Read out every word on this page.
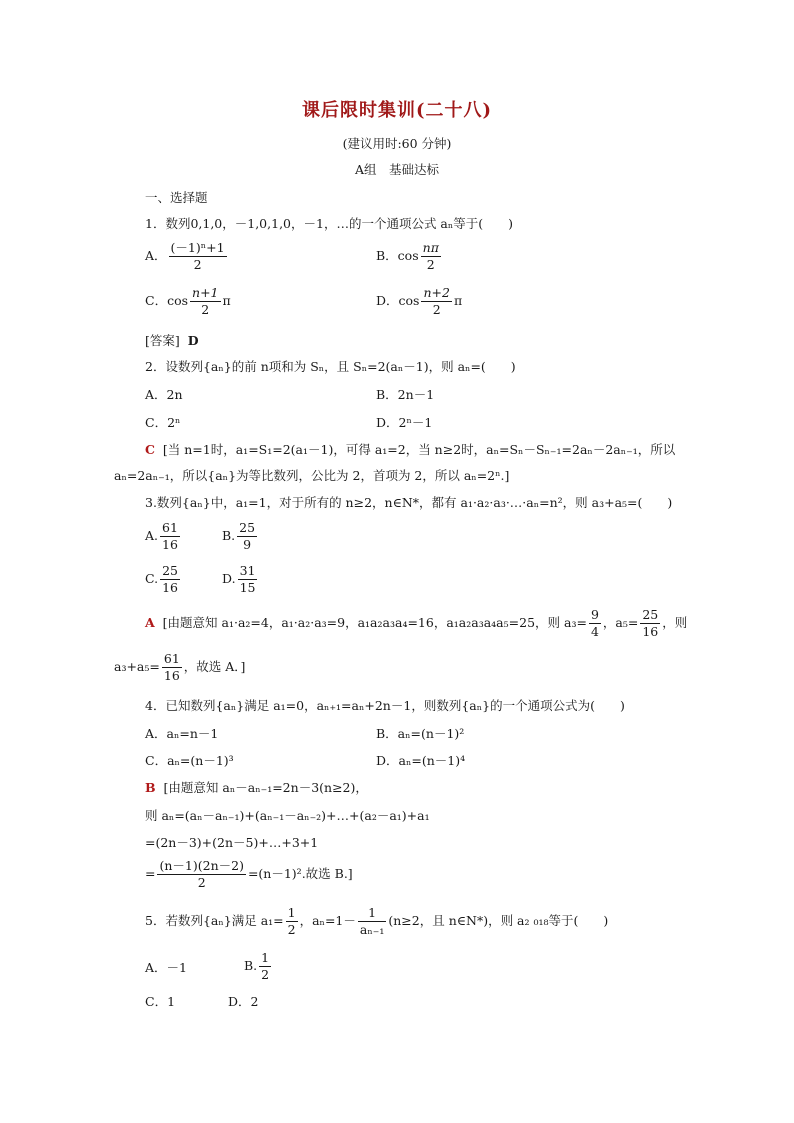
课后限时集训(二十八)
(建议用时:60 分钟)
A组　基础达标
一、选择题
1．数列0,1,0，－1,0,1,0，－1，…的一个通项公式 aₙ等于(　　)
A． $\frac{\text{(－1)ⁿ+1}}{2}$	B．$\cos \frac{n\pi}{2}$
C．$\cos \frac{n+1}{2}$ π	D．$\cos \frac{n+2}{2}$ π
[答案] D
2．设数列{aₙ}的前 n项和为 Sₙ，且 Sₙ=2(aₙ－1)，则 aₙ=(　　)
A．2n	B．2n－1
C．2ⁿ	D．2ⁿ－1
C [当 n=1时，a₁=S₁=2(a₁－1)，可得 a₁=2，当 n≥2时，aₙ=Sₙ－Sₙ₋₁=2aₙ－2aₙ₋₁，所以
aₙ=2aₙ₋₁，所以{aₙ}为等比数列，公比为 2，首项为 2，所以 aₙ=2ⁿ.]
3.数列{aₙ}中，a₁=1，对于所有的 n≥2，n∈N*，都有 a₁·a₂·a₃·…·aₙ=n²，则 a₃+a₅=(　　)
A. $\frac{61}{16}$	B. $\frac{25}{9}$
C. $\frac{25}{16}$	D. $\frac{31}{15}$
A [由题意知 a₁·a₂=4，a₁·a₂·a₃=9，a₁a₂a₃a₄=16，a₁a₂a₃a₄a₅=25，则 $a_3= \frac{9}{4}$ ，$a_5= \frac{25}{16}$ ，则
$a_3+a_5= \frac{61}{16}$ ，故选 A．]
4．已知数列{aₙ}满足 a₁=0，aₙ₊₁=aₙ+2n－1，则数列{aₙ}的一个通项公式为(　　)
A．aₙ=n－1	B．aₙ=(n－1)²
C．aₙ=(n－1)³	D．aₙ=(n－1)⁴
B [由题意知 aₙ－aₙ₋₁=2n－3(n≥2)，
则 aₙ=(aₙ－aₙ₋₁)+(aₙ₋₁－aₙ₋₂)+…+(a₂－a₁)+a₁
=(2n－3)+(2n－5)+…+3+1
= $\frac{(n-1)(2n-2)}{2} =(n-1)^2$.故选 B.]
5．若数列{aₙ}满足 $a_1= \frac{1}{2}$ ，$a_n=1- \frac{1}{\text{aₙ₋₁}} (n\ge 2$，且 n∈N*)，则 a₂ ₀₁₈等于(　　)
A．－1	B. $\frac{1}{2}$
C．1	D．2
